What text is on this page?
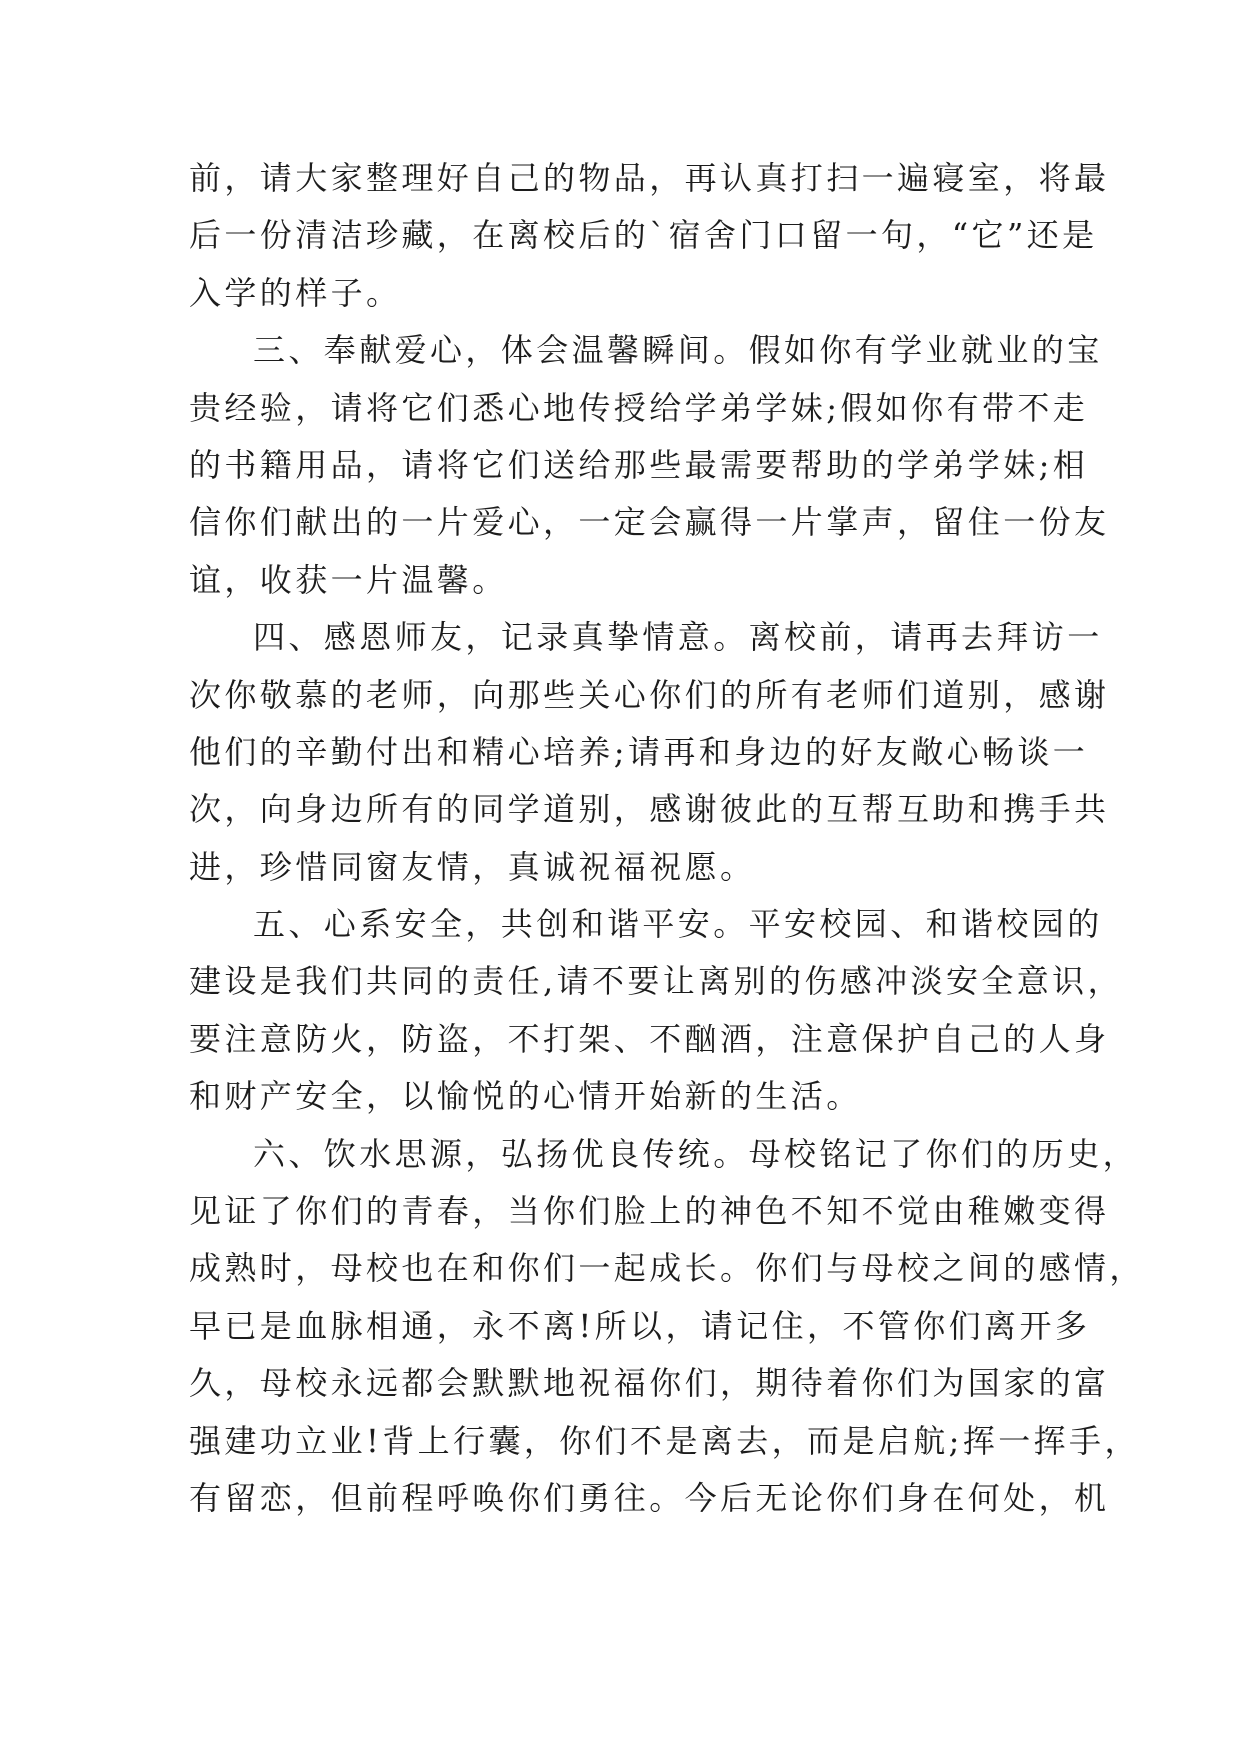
前，请大家整理好自己的物品，再认真打扫一遍寝室，将最
后一份清洁珍藏，在离校后的`宿舍门口留一句，“它”还是
入学的样子。
三、奉献爱心，体会温馨瞬间。假如你有学业就业的宝
贵经验，请将它们悉心地传授给学弟学妹;假如你有带不走
的书籍用品，请将它们送给那些最需要帮助的学弟学妹;相
信你们献出的一片爱心，一定会赢得一片掌声，留住一份友
谊，收获一片温馨。
四、感恩师友，记录真挚情意。离校前，请再去拜访一
次你敬慕的老师，向那些关心你们的所有老师们道别，感谢
他们的辛勤付出和精心培养;请再和身边的好友敞心畅谈一
次，向身边所有的同学道别，感谢彼此的互帮互助和携手共
进，珍惜同窗友情，真诚祝福祝愿。
五、心系安全，共创和谐平安。平安校园、和谐校园的
建设是我们共同的责任,请不要让离别的伤感冲淡安全意识，
要注意防火，防盗，不打架、不酗酒，注意保护自己的人身
和财产安全，以愉悦的心情开始新的生活。
六、饮水思源，弘扬优良传统。母校铭记了你们的历史，
见证了你们的青春，当你们脸上的神色不知不觉由稚嫩变得
成熟时，母校也在和你们一起成长。你们与母校之间的感情，
早已是血脉相通，永不离!所以，请记住，不管你们离开多
久，母校永远都会默默地祝福你们，期待着你们为国家的富
强建功立业!背上行囊，你们不是离去，而是启航;挥一挥手，
有留恋，但前程呼唤你们勇往。今后无论你们身在何处，机
